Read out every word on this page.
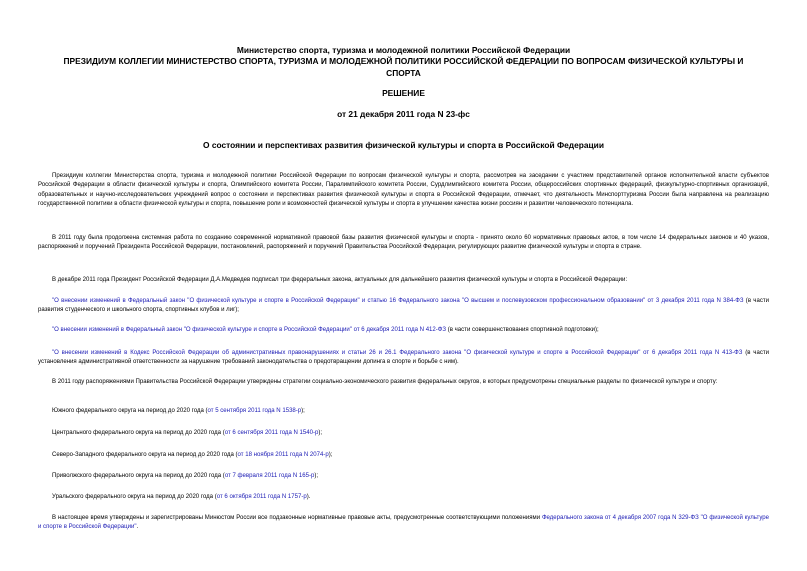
Министерство спорта, туризма и молодежной политики Российской Федерации
ПРЕЗИДИУМ КОЛЛЕГИИ МИНИСТЕРСТВО СПОРТА, ТУРИЗМА И МОЛОДЕЖНОЙ ПОЛИТИКИ РОССИЙСКОЙ ФЕДЕРАЦИИ ПО ВОПРОСАМ ФИЗИЧЕСКОЙ КУЛЬТУРЫ И
СПОРТА
РЕШЕНИЕ
от 21 декабря 2011 года N 23-фс
О состоянии и перспективах развития физической культуры и спорта в Российской Федерации

Президиум коллегии Министерства спорта, туризма и молодежной политики Российской Федерации по вопросам физической культуры и спорта, рассмотрев на заседании с участием представителей органов исполнительной власти субъектов Российской Федерации в области физической культуры и спорта, Олимпийского комитета России, Паралимпийского комитета России, Сурдлимпийского комитета России, общероссийских спортивных федераций, физкультурно-спортивных организаций, образовательных и научно-исследовательских учреждений вопрос о состоянии и перспективах развития физической культуры и спорта в Российской Федерации, отмечает, что деятельность Минспорттуризма России была направлена на реализацию государственной политики в области физической культуры и спорта, повышение роли и возможностей физической культуры и спорта в улучшении качества жизни россиян и развитии человеческого потенциала.

В 2011 году была продолжена системная работа по созданию современной нормативной правовой базы развития физической культуры и спорта - принято около 60 нормативных правовых актов, в том числе 14 федеральных законов и 40 указов, распоряжений и поручений Президента Российской Федерации, постановлений, распоряжений и поручений Правительства Российской Федерации, регулирующих развитие физической культуры и спорта в стране.

В декабре 2011 года Президент Российской Федерации Д.А.Медведев подписал три федеральных закона, актуальных для дальнейшего развития физической культуры и спорта в Российской Федерации:

"О внесении изменений в Федеральный закон "О физической культуре и спорте в Российской Федерации" и статью 16 Федерального закона "О высшем и послевузовском профессиональном образовании" от 3 декабря 2011 года N 384-ФЗ (в части развития студенческого и школьного спорта, спортивных клубов и лиг);

"О внесении изменений в Федеральный закон "О физической культуре и спорте в Российской Федерации" от 6 декабря 2011 года N 412-ФЗ (в части совершенствования спортивной подготовки);

"О внесении изменений в Кодекс Российской Федерации об административных правонарушениях и статьи 26 и 26.1 Федерального закона "О физической культуре и спорте в Российской Федерации" от 6 декабря 2011 года N 413-ФЗ (в части установления административной ответственности за нарушение требований законодательства о предотвращении допинга в спорте и борьбе с ним).

В 2011 году распоряжениями Правительства Российской Федерации утверждены стратегии социально-экономического развития федеральных округов, в которых предусмотрены специальные разделы по физической культуре и спорту:

Южного федерального округа на период до 2020 года (от 5 сентября 2011 года N 1538-р);

Центрального федерального округа на период до 2020 года (от 6 сентября 2011 года N 1540-р);

Северо-Западного федерального округа на период до 2020 года (от 18 ноября 2011 года N 2074-р);

Приволжского федерального округа на период до 2020 года (от 7 февраля 2011 года N 165-р);

Уральского федерального округа на период до 2020 года (от 6 октября 2011 года N 1757-р).

В настоящее время утверждены и зарегистрированы Минюстом России все подзаконные нормативные правовые акты, предусмотренные соответствующими положениями Федерального закона от 4 декабря 2007 года N 329-ФЗ "О физической культуре и спорте в Российской Федерации".
